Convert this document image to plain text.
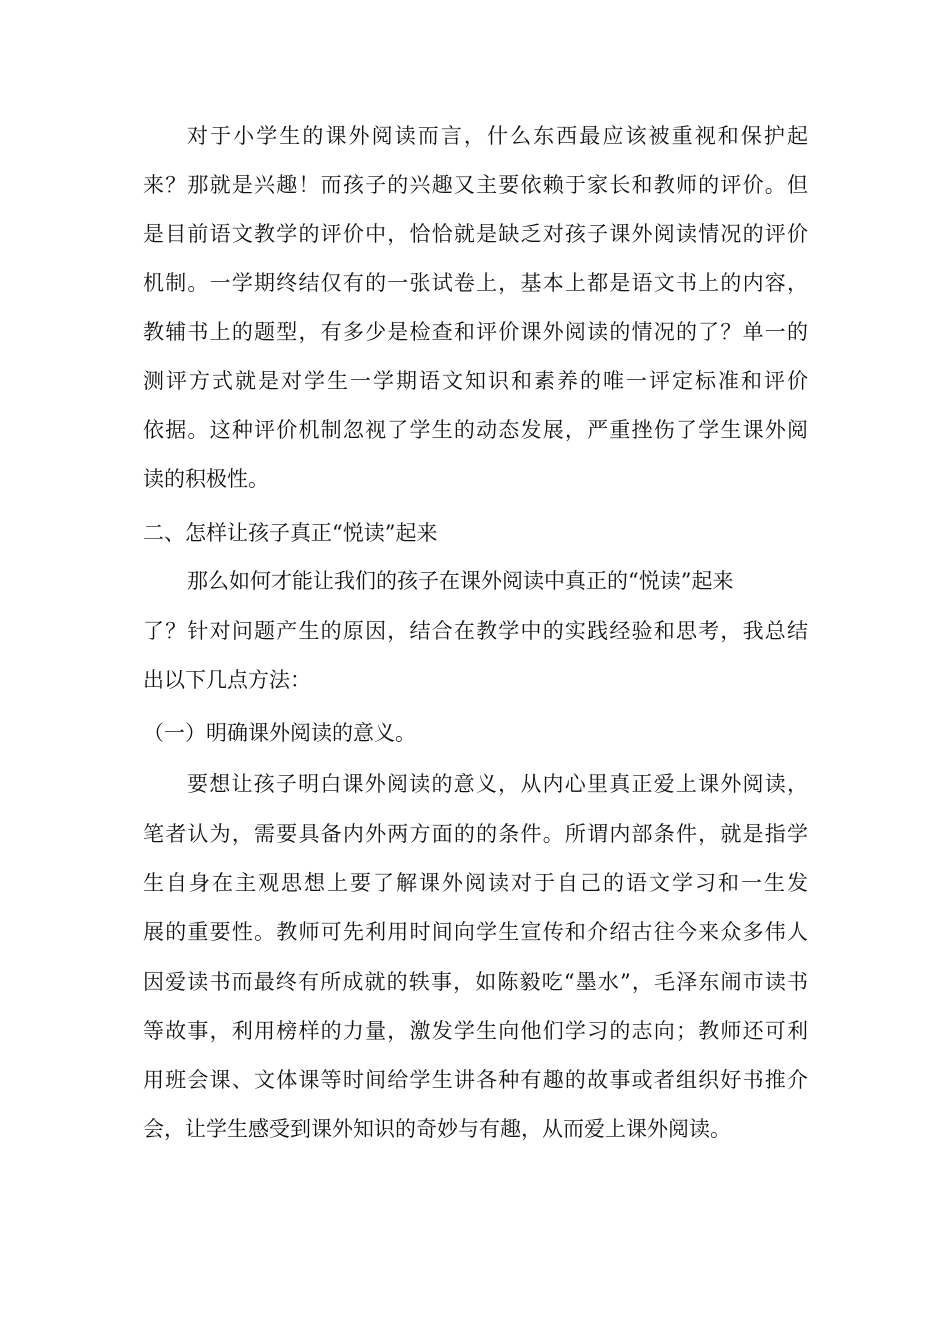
对于小学生的课外阅读而言，什么东西最应该被重视和保护起

来？那就是兴趣！而孩子的兴趣又主要依赖于家长和教师的评价。但

是目前语文教学的评价中，恰恰就是缺乏对孩子课外阅读情况的评价

机制。一学期终结仅有的一张试卷上，基本上都是语文书上的内容，

教辅书上的题型，有多少是检查和评价课外阅读的情况的了？单一的

测评方式就是对学生一学期语文知识和素养的唯一评定标准和评价

依据。这种评价机制忽视了学生的动态发展，严重挫伤了学生课外阅

读的积极性。

二、怎样让孩子真正“悦读”起来

那么如何才能让我们的孩子在课外阅读中真正的“悦读”起来

了？针对问题产生的原因，结合在教学中的实践经验和思考，我总结

出以下几点方法：

（一）明确课外阅读的意义。

要想让孩子明白课外阅读的意义，从内心里真正爱上课外阅读，

笔者认为，需要具备内外两方面的的条件。所谓内部条件，就是指学

生自身在主观思想上要了解课外阅读对于自己的语文学习和一生发

展的重要性。教师可先利用时间向学生宣传和介绍古往今来众多伟人

因爱读书而最终有所成就的轶事，如陈毅吃“墨水”，毛泽东闹市读书

等故事，利用榜样的力量，激发学生向他们学习的志向；教师还可利

用班会课、文体课等时间给学生讲各种有趣的故事或者组织好书推介

会，让学生感受到课外知识的奇妙与有趣，从而爱上课外阅读。
